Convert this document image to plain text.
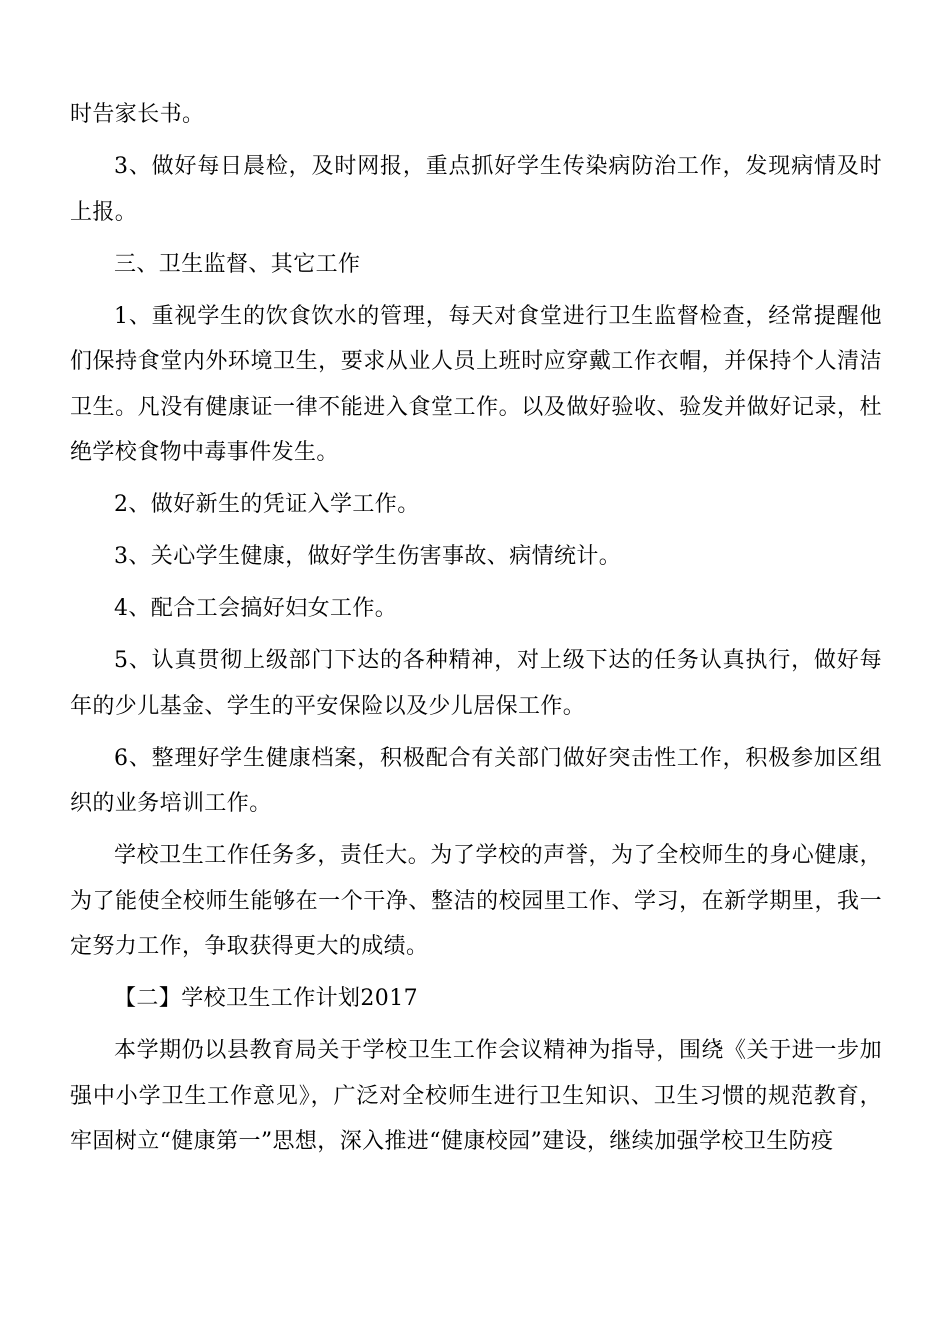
时告家长书。

3、做好每日晨检，及时网报，重点抓好学生传染病防治工作，发现病情及时上报。

三、卫生监督、其它工作

1、重视学生的饮食饮水的管理，每天对食堂进行卫生监督检查，经常提醒他们保持食堂内外环境卫生，要求从业人员上班时应穿戴工作衣帽，并保持个人清洁卫生。凡没有健康证一律不能进入食堂工作。以及做好验收、验发并做好记录，杜绝学校食物中毒事件发生。

2、做好新生的凭证入学工作。

3、关心学生健康，做好学生伤害事故、病情统计。

4、配合工会搞好妇女工作。

5、认真贯彻上级部门下达的各种精神，对上级下达的任务认真执行，做好每年的少儿基金、学生的平安保险以及少儿居保工作。

6、整理好学生健康档案，积极配合有关部门做好突击性工作，积极参加区组织的业务培训工作。

学校卫生工作任务多，责任大。为了学校的声誉，为了全校师生的身心健康，为了能使全校师生能够在一个干净、整洁的校园里工作、学习，在新学期里，我一定努力工作，争取获得更大的成绩。

【二】学校卫生工作计划2017

本学期仍以县教育局关于学校卫生工作会议精神为指导，围绕《关于进一步加强中小学卫生工作意见》，广泛对全校师生进行卫生知识、卫生习惯的规范教育，牢固树立“健康第一”思想，深入推进“健康校园”建设，继续加强学校卫生防疫
